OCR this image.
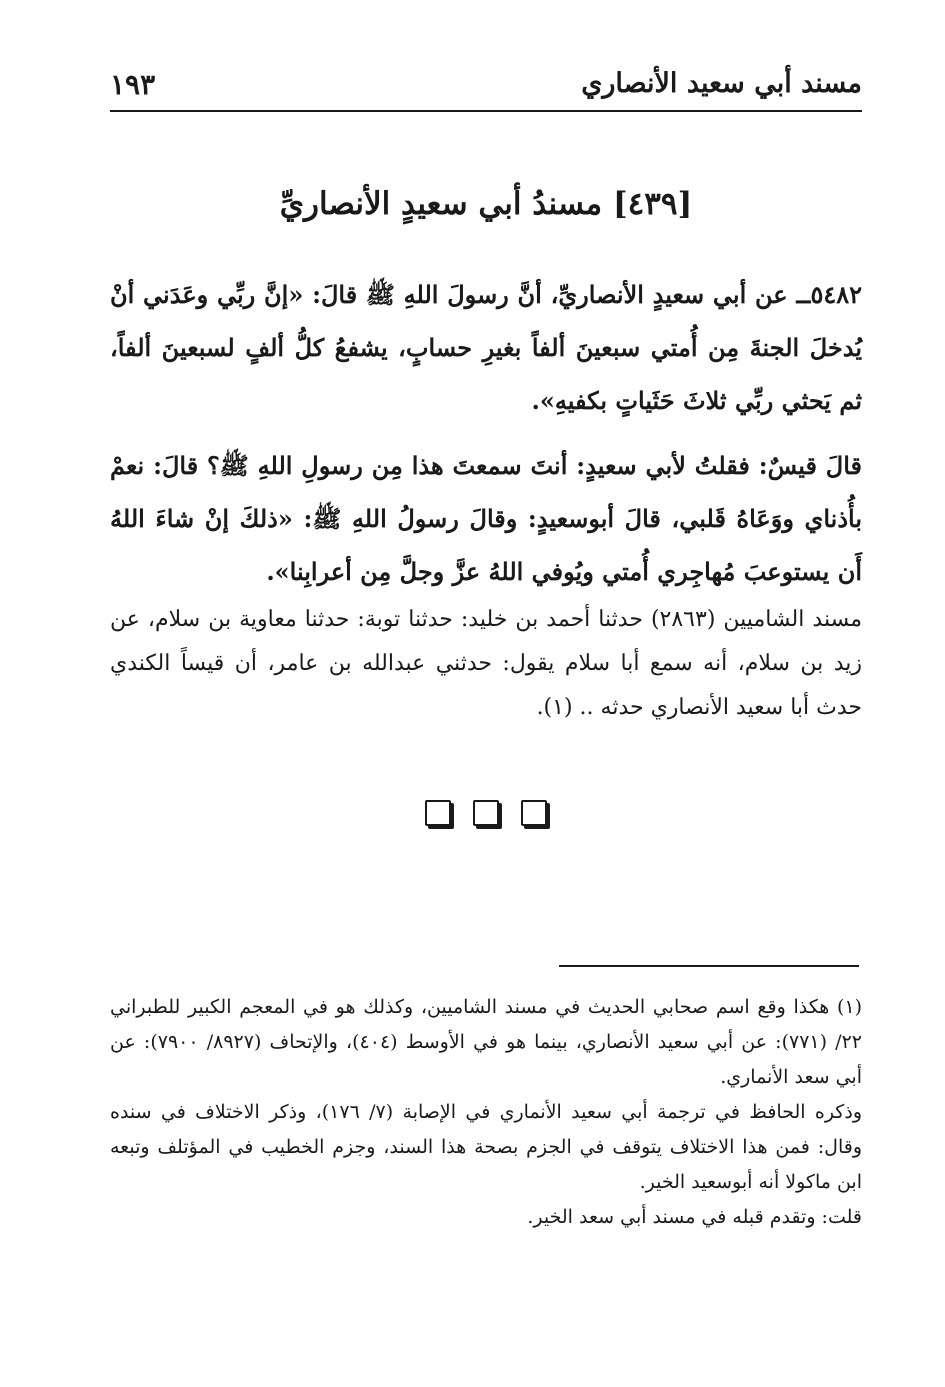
مسند أبي سعيد الأنصاري
١٩٣
[٤٣٩] مسندُ أبي سعيدٍ الأنصاريِّ

٥٤٨٢ــ عن أبي سعيدٍ الأنصاريِّ، أنَّ رسولَ اللهِ ﷺ قالَ: «إنَّ ربِّي وعَدَني أنْ يُدخلَ الجنةَ مِن أُمتي سبعينَ ألفاً بغيرِ حسابٍ، يشفعُ كلُّ ألفٍ لسبعينَ ألفاً، ثم يَحثي ربِّي ثلاثَ حَثَياتٍ بكفيهِ».

قالَ قيسٌ: فقلتُ لأبي سعيدٍ: أنتَ سمعتَ هذا مِن رسولِ اللهِ ﷺ؟ قالَ: نعمْ بأُذناي ووَعَاهُ قَلبي، قالَ أبوسعيدٍ: وقالَ رسولُ اللهِ ﷺ: «ذلكَ إنْ شاءَ اللهُ أَن يستوعبَ مُهاجِري أُمتي ويُوفي اللهُ عزَّ وجلَّ مِن أعرابِنا».

مسند الشاميين (٢٨٦٣) حدثنا أحمد بن خليد: حدثنا توبة: حدثنا معاوية بن سلام، عن زيد بن سلام، أنه سمع أبا سلام يقول: حدثني عبدالله بن عامر، أن قيساً الكندي حدث أبا سعيد الأنصاري حدثه .. (١).

(١) هكذا وقع اسم صحابي الحديث في مسند الشاميين، وكذلك هو في المعجم الكبير للطبراني ٢٢/ (٧٧١): عن أبي سعيد الأنصاري، بينما هو في الأوسط (٤٠٤)، والإتحاف (٨٩٢٧/ ٧٩٠٠): عن أبي سعد الأنماري.

وذكره الحافظ في ترجمة أبي سعيد الأنماري في الإصابة (٧/ ١٧٦)، وذكر الاختلاف في سنده وقال: فمن هذا الاختلاف يتوقف في الجزم بصحة هذا السند، وجزم الخطيب في المؤتلف وتبعه ابن ماكولا أنه أبوسعيد الخير.

قلت: وتقدم قبله في مسند أبي سعد الخير.
